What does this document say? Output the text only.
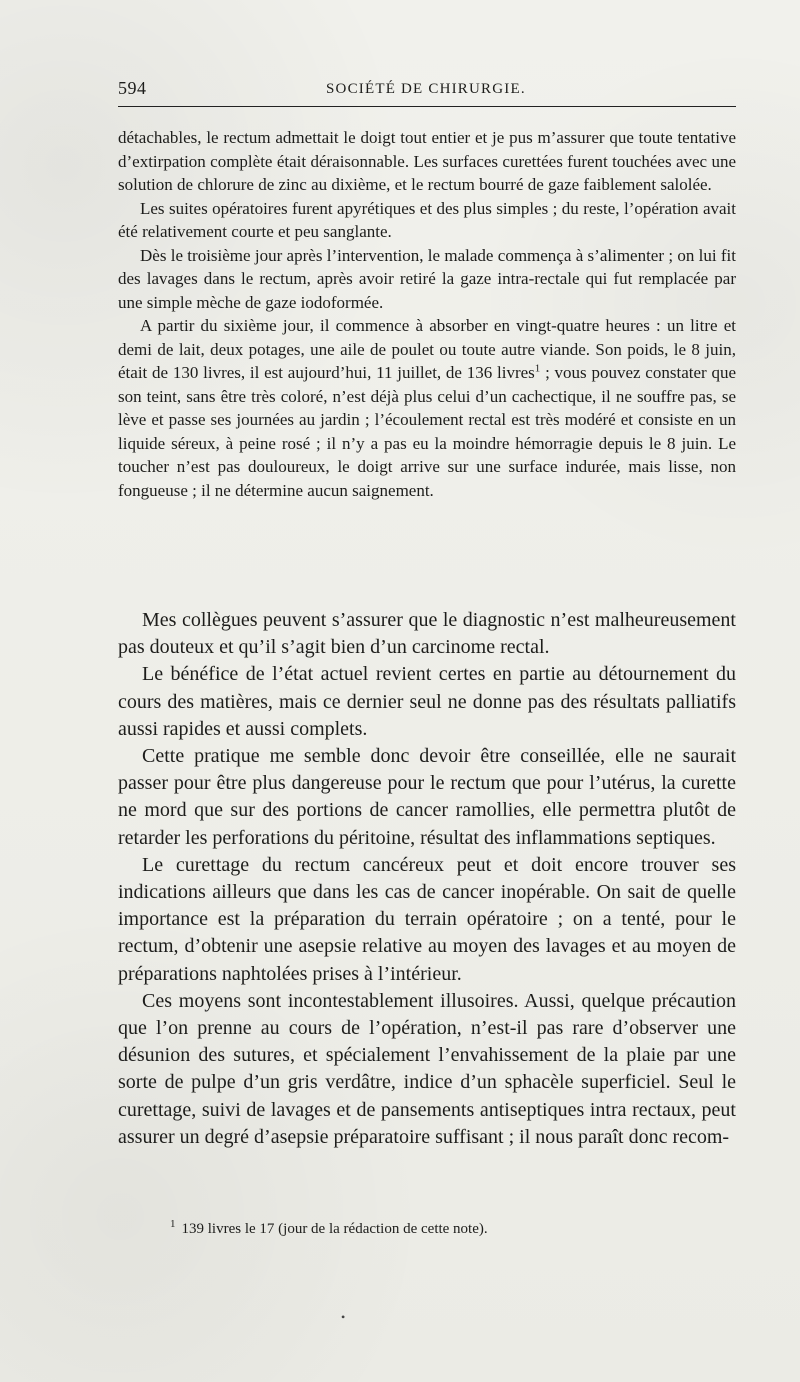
594	SOCIÉTÉ DE CHIRURGIE.

détachables, le rectum admettait le doigt tout entier et je pus m’assurer que toute tentative d’extirpation complète était déraisonnable. Les surfaces curettées furent touchées avec une solution de chlorure de zinc au dixième, et le rectum bourré de gaze faiblement salolée.

Les suites opératoires furent apyrétiques et des plus simples ; du reste, l’opération avait été relativement courte et peu sanglante.

Dès le troisième jour après l’intervention, le malade commença à s’alimenter ; on lui fit des lavages dans le rectum, après avoir retiré la gaze intra-rectale qui fut remplacée par une simple mèche de gaze iodoformée.

A partir du sixième jour, il commence à absorber en vingt-quatre heures : un litre et demi de lait, deux potages, une aile de poulet ou toute autre viande. Son poids, le 8 juin, était de 130 livres, il est aujourd’hui, 11 juillet, de 136 livres$^1$ ; vous pouvez constater que son teint, sans être très coloré, n’est déjà plus celui d’un cachectique, il ne souffre pas, se lève et passe ses journées au jardin ; l’écoulement rectal est très modéré et consiste en un liquide séreux, à peine rosé ; il n’y a pas eu la moindre hémorragie depuis le 8 juin. Le toucher n’est pas douloureux, le doigt arrive sur une surface indurée, mais lisse, non fongueuse ; il ne détermine aucun saignement.

Mes collègues peuvent s’assurer que le diagnostic n’est malheureusement pas douteux et qu’il s’agit bien d’un carcinome rectal.

Le bénéfice de l’état actuel revient certes en partie au détournement du cours des matières, mais ce dernier seul ne donne pas des résultats palliatifs aussi rapides et aussi complets.

Cette pratique me semble donc devoir être conseillée, elle ne saurait passer pour être plus dangereuse pour le rectum que pour l’utérus, la curette ne mord que sur des portions de cancer ramollies, elle permettra plutôt de retarder les perforations du péritoine, résultat des inflammations septiques.

Le curettage du rectum cancéreux peut et doit encore trouver ses indications ailleurs que dans les cas de cancer inopérable. On sait de quelle importance est la préparation du terrain opératoire ; on a tenté, pour le rectum, d’obtenir une asepsie relative au moyen des lavages et au moyen de préparations naphtolées prises à l’intérieur.

Ces moyens sont incontestablement illusoires. Aussi, quelque précaution que l’on prenne au cours de l’opération, n’est-il pas rare d’observer une désunion des sutures, et spécialement l’envahissement de la plaie par une sorte de pulpe d’un gris verdâtre, indice d’un sphacèle superficiel. Seul le curettage, suivi de lavages et de pansements antiseptiques intra rectaux, peut assurer un degré d’asepsie préparatoire suffisant ; il nous paraît donc recom-

1 139 livres le 17 (jour de la rédaction de cette note).
•
